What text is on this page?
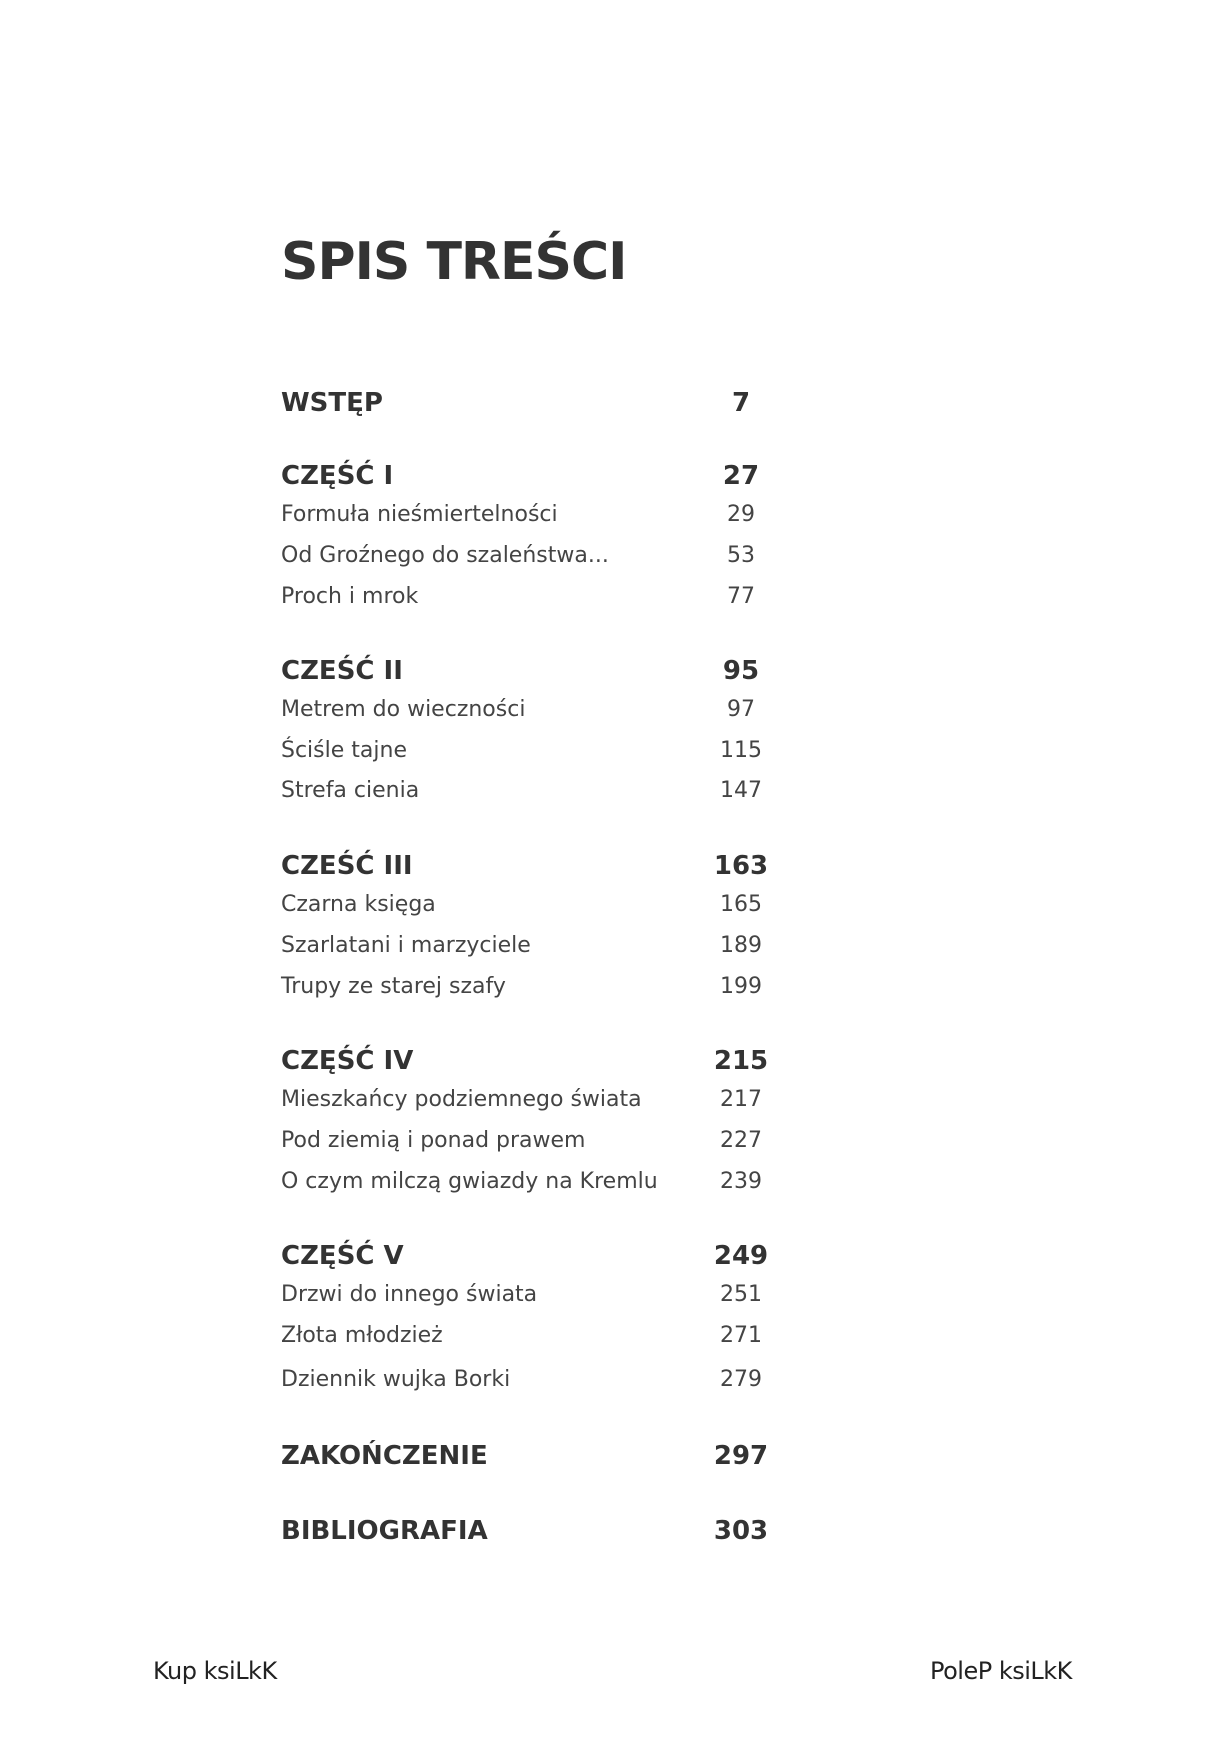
SPIS TREŚCI
WSTĘP	7
CZĘŚĆ I	27
Formuła nieśmiertelności	29
Od Groźnego do szaleństwa...	53
Proch i mrok	77
CZEŚĆ II	95
Metrem do wieczności	97
Ściśle tajne	115
Strefa cienia	147
CZEŚĆ III	163
Czarna księga	165
Szarlatani i marzyciele	189
Trupy ze starej szafy	199
CZĘŚĆ IV	215
Mieszkańcy podziemnego świata	217
Pod ziemią i ponad prawem	227
O czym milczą gwiazdy na Kremlu	239
CZĘŚĆ V	249
Drzwi do innego świata	251
Złota młodzież	271
Dziennik wujka Borki	279
ZAKOŃCZENIE	297
BIBLIOGRAFIA	303
Kup ksiLkK	PoleP ksiLkK
